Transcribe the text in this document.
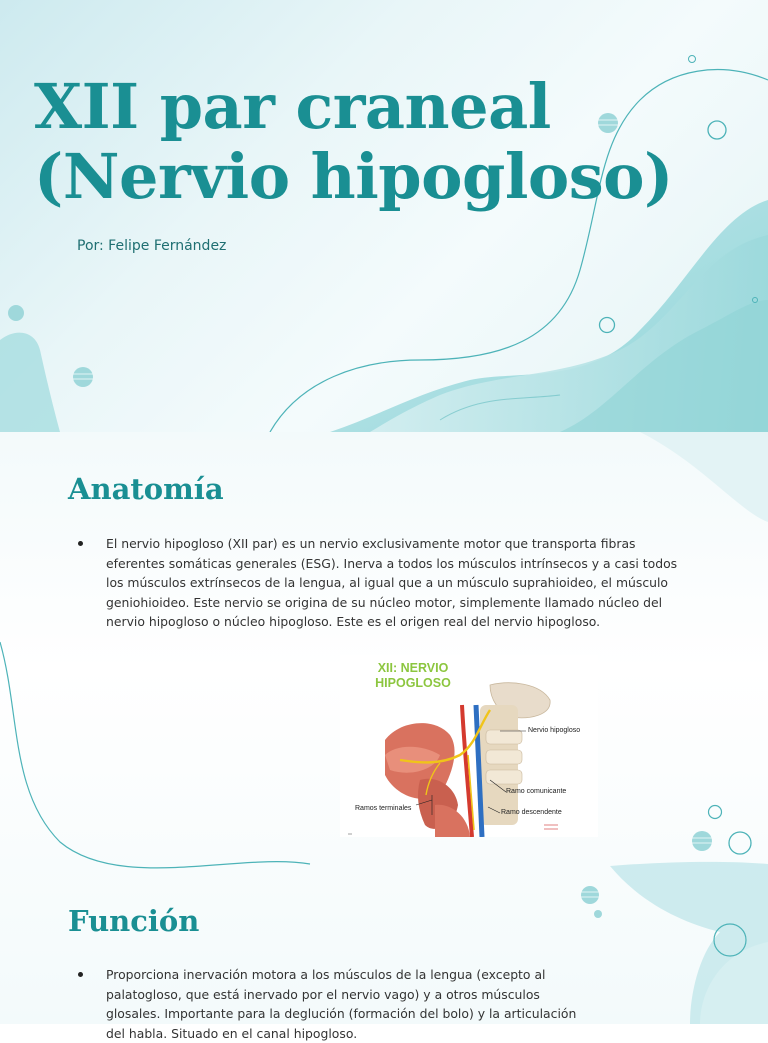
XII par craneal
(Nervio hipogloso)
Por: Felipe Fernández
Anatomía
El nervio hipogloso (XII par) es un nervio exclusivamente motor que transporta fibras eferentes somáticas generales (ESG). Inerva a todos los músculos intrínsecos y a casi todos los músculos extrínsecos de la lengua, al igual que a un músculo suprahioideo, el músculo geniohioideo. Este nervio se origina de su núcleo motor, simplemente llamado núcleo del nervio hipogloso o núcleo hipogloso. Este es el origen real del nervio hipogloso.
XII: NERVIO
HIPOGLOSO
Nervio hipogloso
Ramo comunicante
Ramo descendente
Ramos terminales
Función
Proporciona inervación motora a los músculos de la lengua (excepto al palatogloso, que está inervado por el nervio vago) y a otros músculos glosales. Importante para la deglución (formación del bolo) y la articulación del habla. Situado en el canal hipogloso.
